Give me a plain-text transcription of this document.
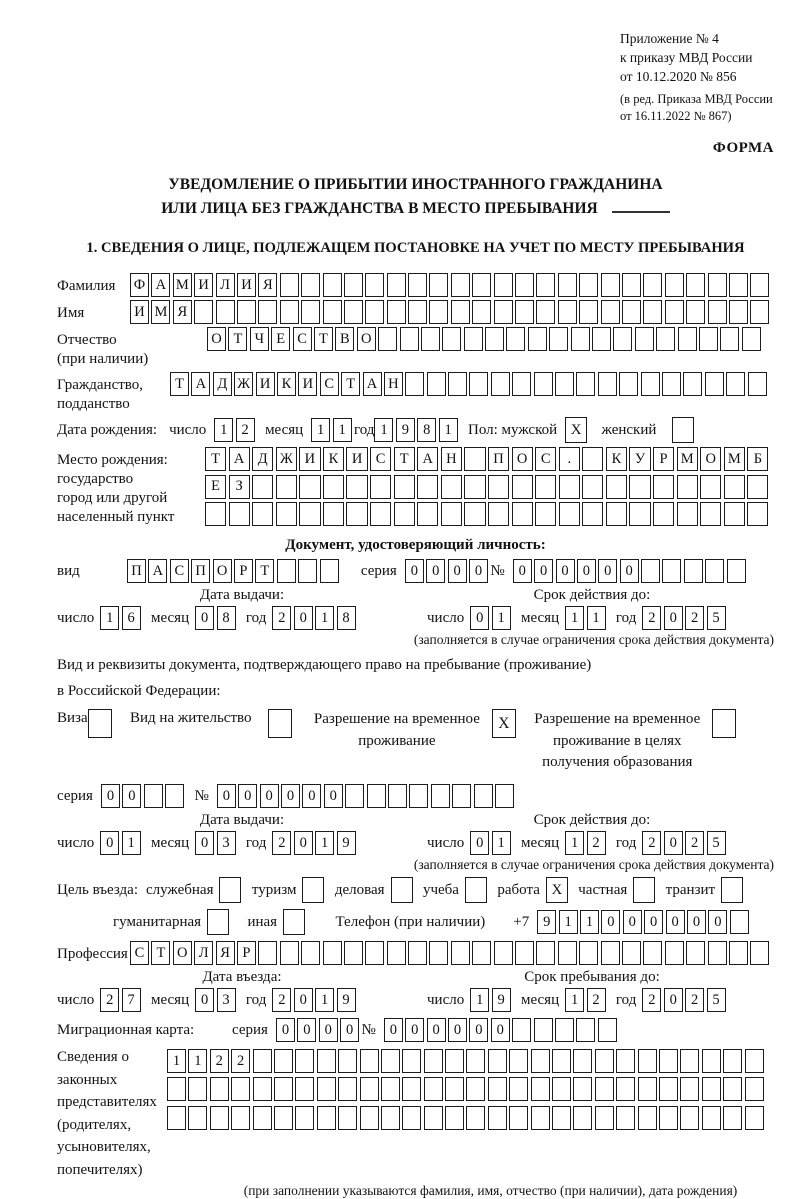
Приложение № 4
к приказу МВД России
от 10.12.2020 № 856
(в ред. Приказа МВД России
от 16.11.2022 № 867)
ФОРМА
УВЕДОМЛЕНИЕ О ПРИБЫТИИ ИНОСТРАННОГО ГРАЖДАНИНА
ИЛИ ЛИЦА БЕЗ ГРАЖДАНСТВА В МЕСТО ПРЕБЫВАНИЯ
1. СВЕДЕНИЯ О ЛИЦЕ, ПОДЛЕЖАЩЕМ ПОСТАНОВКЕ НА УЧЕТ ПО МЕСТУ ПРЕБЫВАНИЯ
Фамилия	Ф А М И Л И Я
Имя	И М Я
Отчество
(при наличии)
О Т Ч Е С Т В О
Гражданство,
подданство
Т А Д Ж И К И С Т А Н
Дата рождения: число 1 2	месяц 1 1 год 1 9 8 1	Пол: мужской X	женский
Место рождения:
государство
город или другой
населенный пункт
Т А Д Ж И К И С Т А Н	П О С	.	К У Р М О М Б

Е	З

Документ, удостоверяющий личность:
вид	П А С П О Р Т	серия 0 0 0 0 № 0 0 0 0 0 0
Дата выдачи:	Срок действия до:
число 1 6	месяц 0 8	год 2 0 1 8	число 0 1	месяц 1 1	год 2 0 2 5
(заполняется в случае ограничения срока действия документа)
Вид и реквизиты документа, подтверждающего право на пребывание (проживание)
в Российской Федерации:
Виза	Вид на жительство	Разрешение на временное
проживание
X	Разрешение на временное
проживание в целях
получения образования
серия 0 0	№ 0 0 0 0 0 0
Дата выдачи:	Срок действия до:
число 0 1	месяц 0 3	год 2 0 1 9	число 0 1	месяц 1 2	год 2 0 2 5
(заполняется в случае ограничения срока действия документа)
Цель въезда: служебная	туризм	деловая	учеба	работа X	частная	транзит
гуманитарная	иная	Телефон (при наличии) +7 9 1 1 0 0 0 0 0 0
Профессия С Т О Л Я Р
Дата въезда:	Срок пребывания до:
число 2 7	месяц 0 3	год 2 0 1 9	число 1 9	месяц 1 2	год 2 0 2 5
Миграционная карта:	серия 0 0 0 0 № 0 0 0 0 0 0
Сведения о
законных
представителях
(родителях,
усыновителях,
попечителях)
1 1 2 2

(при заполнении указываются фамилия, имя, отчество (при наличии), дата рождения)
